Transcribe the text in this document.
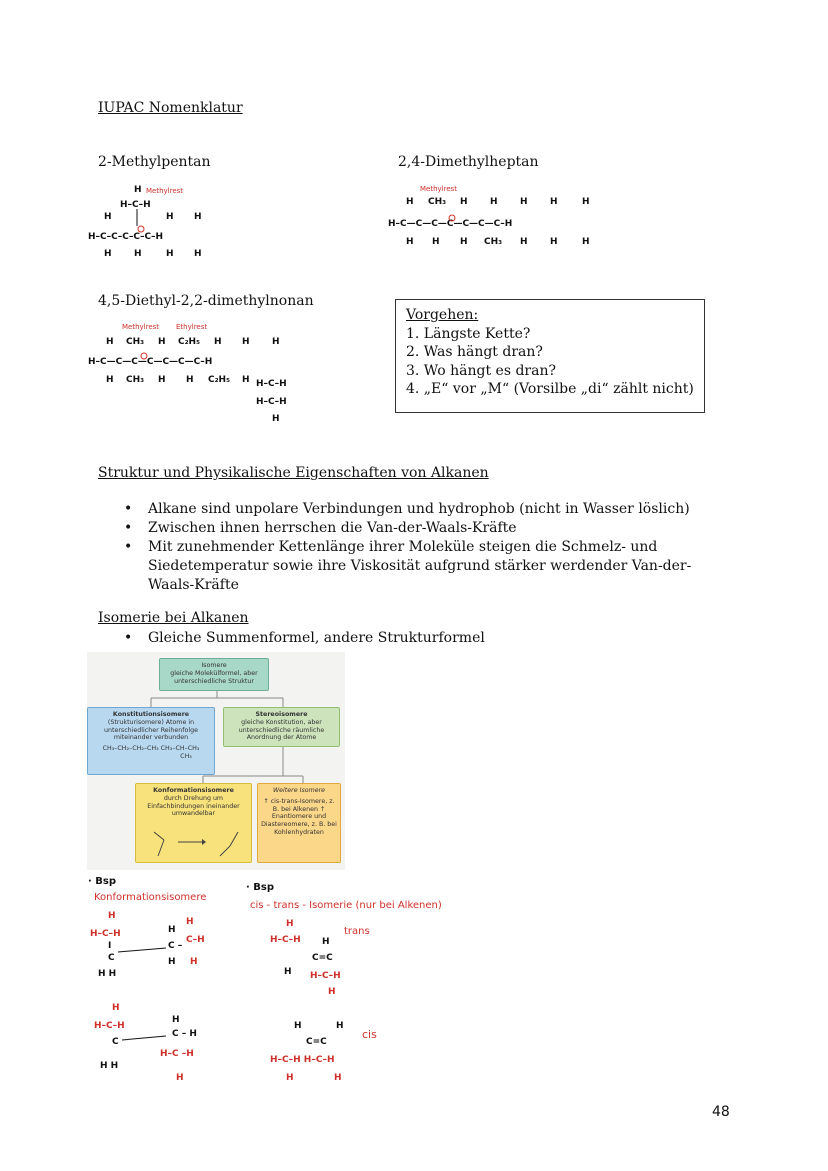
IUPAC Nomenklatur
2-Methylpentan	2,4-Dimethylheptan
Methylrest
H
H–C–H
H	H H
H–C–C–C–C–C–H
H H	H H
Methylrest
H CH₃ H H H H	H
H–C—C—C—C—C—C—C–H
H H H CH₃ H H	H
4,5-Diethyl-2,2-dimethylnonan
Methylrest Ethylrest
H CH₃ H C₂H₅ H H H
H–C—C—C—C—C—C—C–H
H CH₃ H H C₂H₅ H H–C–H
H–C–H
H
Vorgehen:
1. Längste Kette?
2. Was hängt dran?
3. Wo hängt es dran?
4. „E“ vor „M“ (Vorsilbe „di“ zählt nicht)
Struktur und Physikalische Eigenschaften von Alkanen
• Alkane sind unpolare Verbindungen und hydrophob (nicht in Wasser löslich)
• Zwischen ihnen herrschen die Van-der-Waals-Kräfte
• Mit zunehmender Kettenlänge ihrer Moleküle steigen die Schmelz- und Siedetemperatur sowie ihre Viskosität aufgrund stärker werdender Van-der-Waals-Kräfte
Isomerie bei Alkanen
• Gleiche Summenformel, andere Strukturformel
Isomere
gleiche Molekülformel, aber unterschiedliche Struktur
Konstitutionsisomere
(Strukturisomere) Atome in unterschiedlicher Reihenfolge miteinander verbunden
CH₃–CH₂–CH₂–CH₃ CH₃–CH–CH₃
CH₃
Stereoisomere
gleiche Konstitution, aber unterschiedliche räumliche Anordnung der Atome
Konformationsisomere
durch Drehung um Einfachbindungen ineinander umwandelbar
Weitere Isomere
↑ cis-trans-Isomere, z. B. bei Alkenen ↑ Enantiomere und Diastereomere, z. B. bei Kohlenhydraten
· Bsp
Konformationsisomere
· Bsp
cis - trans - Isomerie (nur bei Alkenen)
H
H–C–H
I
C
H H
H
H
C –
C–H
H H
H
H–C–H
C
H H
H
C – H
H–C –H
H
H
H–C–H H
C=C
H H–C–H
H
trans
H	H
C=C
H–C–H H–C–H
H	H
cis
48
